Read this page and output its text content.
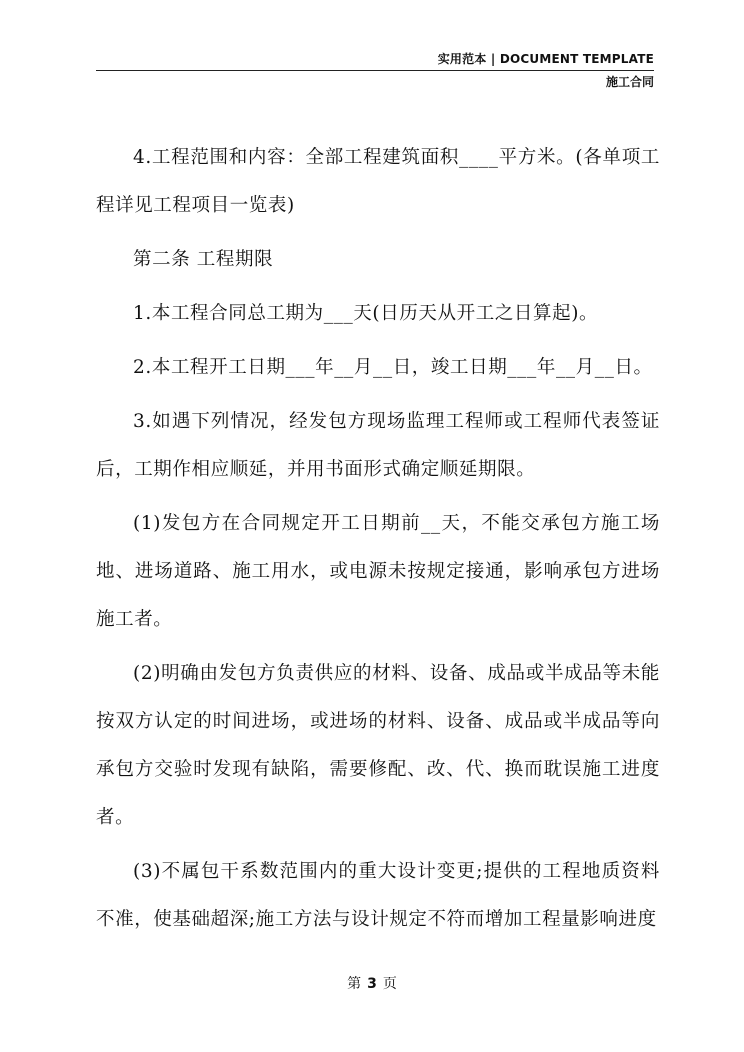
实用范本 | DOCUMENT TEMPLATE
施工合同

4.工程范围和内容：全部工程建筑面积____平方米。(各单项工程详见工程项目一览表)

第二条 工程期限

1.本工程合同总工期为___天(日历天从开工之日算起)。

2.本工程开工日期___年__月__日，竣工日期___年__月__日。

3.如遇下列情况，经发包方现场监理工程师或工程师代表签证后，工期作相应顺延，并用书面形式确定顺延期限。

(1)发包方在合同规定开工日期前__天，不能交承包方施工场地、进场道路、施工用水，或电源未按规定接通，影响承包方进场施工者。

(2)明确由发包方负责供应的材料、设备、成品或半成品等未能按双方认定的时间进场，或进场的材料、设备、成品或半成品等向承包方交验时发现有缺陷，需要修配、改、代、换而耽误施工进度者。

(3)不属包干系数范围内的重大设计变更;提供的工程地质资料不准，使基础超深;施工方法与设计规定不符而增加工程量影响进度

第 3 页
